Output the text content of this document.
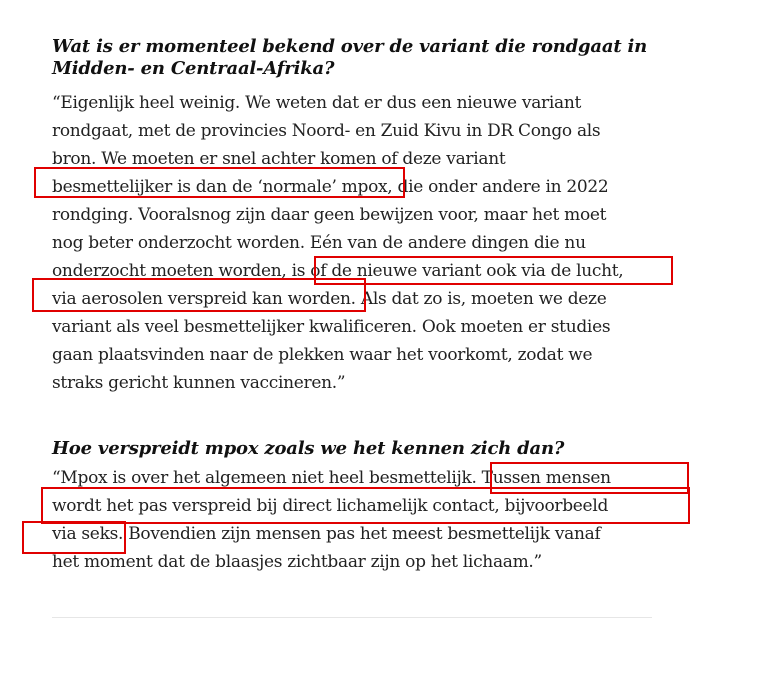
Wat is er momenteel bekend over de variant die rondgaat in Midden- en Centraal-Afrika?
“Eigenlijk heel weinig. We weten dat er dus een nieuwe variant
rondgaat, met de provincies Noord- en Zuid Kivu in DR Congo als
bron. We moeten er snel achter komen of deze variant
besmettelijker is dan de ‘normale’ mpox, die onder andere in 2022
rondging. Vooralsnog zijn daar geen bewijzen voor, maar het moet
nog beter onderzocht worden. Eén van de andere dingen die nu
onderzocht moeten worden, is of de nieuwe variant ook via de lucht,
via aerosolen verspreid kan worden. Als dat zo is, moeten we deze
variant als veel besmettelijker kwalificeren. Ook moeten er studies
gaan plaatsvinden naar de plekken waar het voorkomt, zodat we
straks gericht kunnen vaccineren.”
Hoe verspreidt mpox zoals we het kennen zich dan?
“Mpox is over het algemeen niet heel besmettelijk. Tussen mensen
wordt het pas verspreid bij direct lichamelijk contact, bijvoorbeeld
via seks. Bovendien zijn mensen pas het meest besmettelijk vanaf
het moment dat de blaasjes zichtbaar zijn op het lichaam.”
